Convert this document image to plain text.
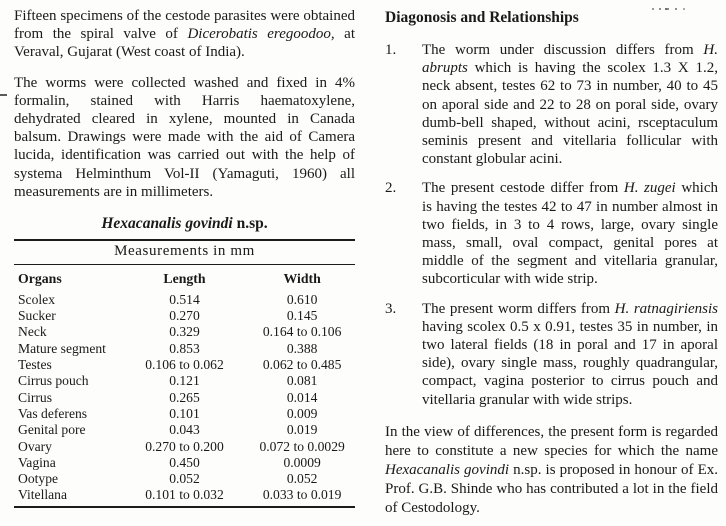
Fifteen specimens of the cestode parasites were obtained from the spiral valve of Dicerobatis eregoodoo, at Veraval, Gujarat (West coast of India).

The worms were collected washed and fixed in 4% formalin, stained with Harris haematoxylene, dehydrated cleared in xylene, mounted in Canada balsum. Drawings were made with the aid of Camera lucida, identification was carried out with the help of systema Helminthum Vol-II (Yamaguti, 1960) all measurements are in millimeters.

Hexacanalis govindi n.sp.
Measurements in mm		
Organs	Length	Width
Scolex	0.514	0.610
Sucker	0.270	0.145
Neck	0.329	0.164 to 0.106
Mature segment	0.853	0.388
Testes	0.106 to 0.062	0.062 to 0.485
Cirrus pouch	0.121	0.081
Cirrus	0.265	0.014
Vas deferens	0.101	0.009
Genital pore	0.043	0.019
Ovary	0.270 to 0.200	0.072 to 0.0029
Vagina	0.450	0.0009
Ootype	0.052	0.052
Vitellana	0.101 to 0.032	0.033 to 0.019
Diagonosis and Relationships
1.	The worm under discussion differs from H. abrupts which is having the scolex 1.3 X 1.2, neck absent, testes 62 to 73 in number, 40 to 45 on aporal side and 22 to 28 on poral side, ovary dumb-bell shaped, without acini, rsceptaculum seminis present and vitellaria follicular with constant globular acini.
2.	The present cestode differ from H. zugei which is having the testes 42 to 47 in number almost in two fields, in 3 to 4 rows, large, ovary single mass, small, oval compact, genital pores at middle of the segment and vitellaria granular, subcorticular with wide strip.
3.	The present worm differs from H. ratnagiriensis having scolex 0.5 x 0.91, testes 35 in number, in two lateral fields (18 in poral and 17 in aporal side), ovary single mass, roughly quadrangular, compact, vagina posterior to cirrus pouch and vitellaria granular with wide strips.

In the view of differences, the present form is regarded here to constitute a new species for which the name Hexacanalis govindi n.sp. is proposed in honour of Ex. Prof. G.B. Shinde who has contributed a lot in the field of Cestodology.
